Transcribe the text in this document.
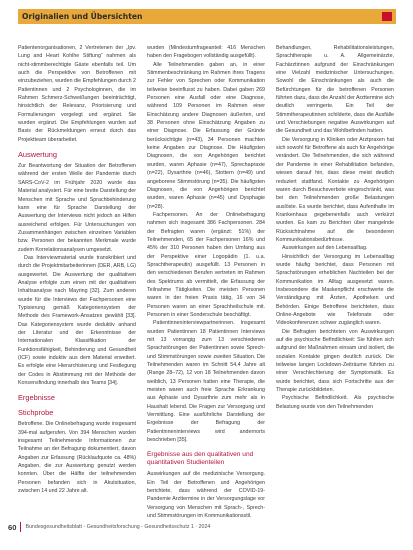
Originalien und Übersichten

Patientenorganisationen, 2 Vertretenen der „Ipv. Lung and Heart Kohlhe Stiftung“ nahmen als nicht-stimmberechtigte Gäste ebenfalls teil. Um auch die Perspektive von Betroffenen mit einzubeziehen, wurden die Empfehlungen durch 2 Patientinnen und 2 Psychologinnen, die im Rahmen Schmerz-Schweißungen beeinträchtigt, hinsichtlich der Relevanz, Priorisierung und Formulierungen vorgelegt und ergänzt. Sie wurden ergänzt. Die Empfehlungen wurden auf Basis der Rückmeldungen erneut durch das Projektteam überarbeitet.

Auswertung

Zur Beantwortung der Situation der Betroffenen während der ersten Welle der Pandemie durch SARS-CoV-2 im Frühjahr 2020 wurde das Material analysiert. Für eine breite Darstellung der Menschen mit Sprache und Sprachbehinderung kann eine für Sprache Darstellung der Auswertung der Interviews nicht jedoch an Hilfen ausreichend erfolgen. Für Untersuchungen von Zusammenhängen zwischen einzelnen Variablen bzw. Personen der bekannten Merkmale wurde zudem Korrelationsanalysen umgesetzt.

Das Interviewmaterial wurde transkribiert und durch die Projektmitarbeiterinnen (DER, ARB, LG) ausgewertet. Die Auswertung der qualitativen Analyse erfolgte zum einen mit der qualitativen Inhaltsanalyse nach Mayring [32]. Zum anderen wurde für die Interviews der Fachpersonen eine Typisierung gemäß Kategoriensystem der Methode des Framework-Ansatzes gewählt [33]. Das Kategoriensystem wurde deduktiv anhand der Literatur und der Erkenntnisse der Internationalen Klassifikation der Funktionsfähigkeit, Behinderung und Gesundheit (ICF) sowie induktiv aus dem Material erweitert. Es erfolgte eine Hierarchisierung und Festlegung der Codes in Abstimmung mit der Methode der Konsensfindung innerhalb des Teams [34].

Ergebnisse
Stichprobe

Betroffene. Die Onlinebefragung wurde insgesamt 394-mal aufgerufen. Von 394 Menschen wurden insgesamt Teilnehmende Informationen zur Teilnahme an der Befragung dokumentiert, davon Angaben zur Erfassung (Rücklaufquote ca. 48%) Angaben, die zur Auswertung genutzt werden konnten. Über die Hälfte der teilnehmenden Personen befanden sich in Akutsituation, zwischen 14 und 22 Jahre alt.

wurden (Mindestumfrageanteil: 416 Menschen haben den Fragebogen vollständig ausgefüllt).

Alle Teilnehmenden gaben an, in einer Stimmenbeschränkung im Rahmen ihres Tragens zur Fehler von Sprechen oder Kommunikation teilweise beeinflusst zu haben. Dabei gaben 269 Personen eine Ausfall oder eine Diagnose, während 109 Personen im Rahmen einer Einschätzung andere Diagnosen äußerten, und 38 Personen ohne Einschätzung Angaben zu einer Diagnose. Die Erfassung der Gründe berücksichtigte (n=43), 34 Personen machten keine Angaben zur Diagnose. Die Häufigsten Diagnosen, die von Angehörigen berichtet wurden, waren Aphasie (n=47), Sprechapraxie (n=22), Dysarthrie (n=46), Stottern (n=49) und angeborene Stimmstörung (n=35). Die häufigsten Diagnosen, die von Angehörigen berichtet wurden, waren Aphasie (n=45) und Dysphagie (n=28).

Fachpersonen. An der Onlinebefragung nahmen sich insgesamt 386 Fachpersonen. 284 der Befragten waren (ergänzt: 51%) der Teilnehmenden, 65 der Fachpersonen 16% und 45% der 310 Personen haben den Umfang aus der Perspektive einer Logopädin (1. u.a. Sprachtherapeutin) ausgefüllt. 13 Personen in den verschiedenen Berufen vertreten im Rahmen des Spektrums ab vermittelt, die Erfassung der Teilnahme Tätigkeiten. Die meisten Personen waren in der freien Praxis tätig, 16 von 34 Personen waren an einer Sprachheilschule mit. Personen in einer Sonderschule beschäftigt.

Patientinneninterviewpartnerinnen. Insgesamt wurden Patientinnen 18 Patientinnen Interviews mit 13 vorrangig zum 13 verschiedenen Sprachstörungen der Patientinnen sowie Sprech- und Stimmstörungen sowie zweiten Situation. Die Teilnehmenden waren im Schnitt 54,4 Jahre alt (Range 28–72), 12 von 18 Teilnehmenden davon weiblich, 13 Personen hatten eine Therapie, die meisten waren auch freie Sprache Erkrankung aus Aphasie und Dysarthrie zum mehr als in Haushalt lebend. Die Fragen zur Versorgung und Vermittlung. Eine ausführliche Darstellung der Ergebnisse der Befragung der Patientinneninterviews wird andernorts beschrieben [35].

Ergebnisse aus den qualitativen und quantitativen Studienteilen

Auswirkungen auf die medizinische Versorgung. Ein Teil der Betroffenen und Angehörigen berichtete, dass während der COVID-19-Pandemie Arzttermine in der Versorgungslage vor Versorgung von Menschen mit Sprach-, Sprech- und Stimmstörungen im Kommunikationsstil.

Behandlungen, Rehabilitationsleistungen, Sprachtherapie u. A. Allgemeinärzte, Fachärztinnen aufgrund der Einschränkungen eine Vielzahl medizinischer Untersuchungen. Sowohl die Einschränkungen als auch die Befürchtungen für die betroffenen Personen führten dazu, dass die Anzahl der Arzttermine sich deutlich verringerte. Ein Teil der Stimmtherapeutinnen schilderte, dass die Ausfälle und Verschiebungen negative Auswirkungen auf die Gesundheit und das Wohlbefinden hatten.

Die Versorgung in Kliniken oder Arztpraxen hat sich sowohl für Betroffene als auch für Angehörige verändert. Die Teilnehmenden, die sich während der Pandemie in einer Rehabilitation befanden, wiesen darauf hin, dass diese meist deutlich reduziert stattfand. Kontakte zu Angehörigen waren durch Besuchsverbote eingeschränkt, was bei den Teilnehmenden große Belastungen auslöste. Es wurde berichtet, dass Aufenthalte im Krankenhaus gegebenenfalls auch verkürzt wurden. Es kam zu Berichten über mangelnde Rücksichtnahme auf die besonderen Kommunikationsbedürfnisse.

Auswirkungen auf den Lebensalltag.

Hinsichtlich der Versorgung im Lebensalltag wurde häufig berichtet, dass Personen mit Sprachstörungen erheblichen Nachteilen bei der Kommunikation im Alltag ausgesetzt waren. Insbesondere die Maskenpflicht erschwerte die Verständigung mit Ärzten, Apotheken und Behörden. Einige Betroffene berichteten, dass Online-Angebote wie Telefonate oder Videokonferenzen schwer zugänglich waren.

Die Befragten berichteten von Auswirkungen auf die psychische Befindlichkeit: Sie fühlten sich aufgrund der Maßnahmen einsam und isoliert, die sozialen Kontakte gingen deutlich zurück. Die teilweise langen Lockdown-Zeiträume führten zu einer Verschlechterung der Symptomatik. Es wurde berichtet, dass sich Fortschritte aus der Therapie zurückbildeten.

Psychische Befindlichkeit. Als psychische Belastung wurde von den Teilnehmenden

60 Bundesgesundheitsblatt - Gesundheitsforschung - Gesundheitsschutz 1 · 2024
